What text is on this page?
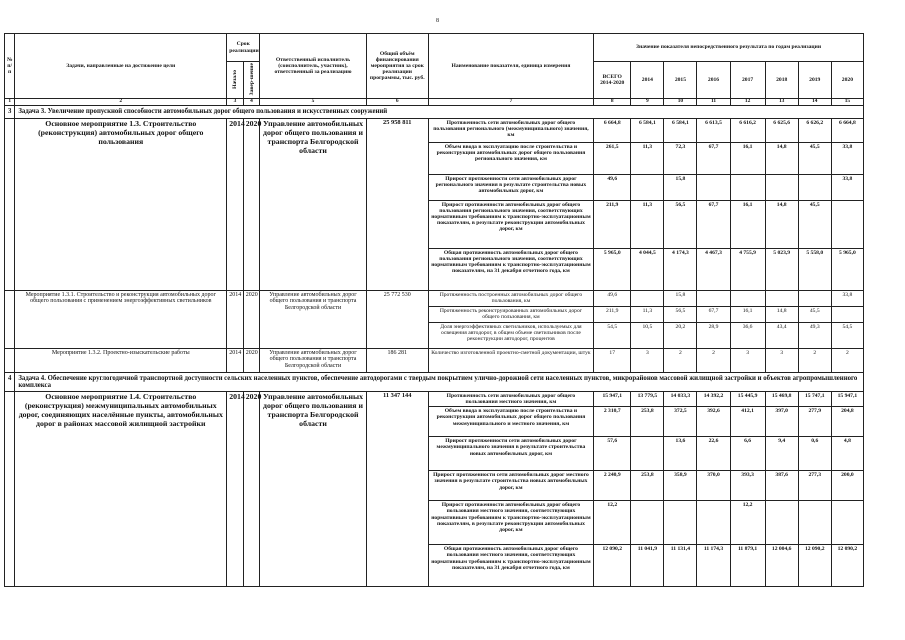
8
№ п/п	Задачи, направленные на достижение цели	Срок реализации		Ответственный исполнитель (соисполнитель, участник), ответственный за реализацию	Общий объём финансирования мероприятия за срок реализации программы, тыс. руб.	Наименование показателя, единица измерения	Значение показателя непосредственного результата по годам реализации							
		Начало	Завер-шение				ВСЕГО 2014-2020	2014	2015	2016	2017	2018	2019	2020
1	2	3	4	5	6	7	8	9	10	11	12	13	14	15
3	Задача 3. Увеличение пропускной способности автомобильных дорог общего пользования и искусственных сооружений													
	Основное мероприятие 1.3. Строительство (реконструкция) автомобильных дорог общего пользования	2014	2020	Управление автомобильных дорог общего пользования и транспорта Белгородской области	25 958 811	Протяженность сети автомобильных дорог общего пользования регионального (межмуниципального) значения, км	6 664,8	6 584,1	6 584,1	6 613,5	6 616,2	6 625,6	6 626,2	6 664,8
						Объем ввода в эксплуатацию после строительства и реконструкции автомобильных дорог общего пользования регионального значения, км	261,5	11,3	72,3	67,7	16,1	14,8	45,5	33,8
						Прирост протяженности сети автомобильных дорог регионального значения в результате строительства новых автомобильных дорог, км	49,6		15,8					33,8
						Прирост протяженности автомобильных дорог общего пользования регионального значения, соответствующих нормативным требованиям к транспортно-эксплуатационным показателям, в результате реконструкции автомобильных дорог, км	211,9	11,3	56,5	67,7	16,1	14,8	45,5	
						Общая протяженность автомобильных дорог общего пользования регионального значения, соответствующих нормативным требованиям к транспортно-эксплуатационным показателям, на 31 декабря отчетного года, км	5 965,0	4 044,5	4 174,3	4 467,3	4 755,9	5 023,9	5 558,0	5 965,0
	Мероприятие 1.3.1. Строительство и реконструкция автомобильных дорог общего пользования с применением энергоэффективных светильников	2014	2020	Управление автомобильных дорог общего пользования и транспорта Белгородской области	25 772 530	Протяженность построенных автомобильных дорог общего пользования, км	49,6		15,8					33,8
						Протяженность реконструированных автомобильных дорог общего пользования, км	211,9	11,3	56,5	67,7	16,1	14,8	45,5	
						Доля энергоэффективных светильников, используемых для освещения автодорог, в общем объеме светильников после реконструкции автодорог, процентов	54,5	10,5	20,2	28,9	36,6	43,4	49,3	54,5
	Мероприятие 1.3.2. Проектно-изыскательские работы	2014	2020	Управление автомобильных дорог общего пользования и транспорта Белгородской области	186 281	Количество изготовленной проектно-сметной документации, штук	17	3	2	2	3	3	2	2
4	Задача 4. Обеспечение круглогодичной транспортной доступности сельских населенных пунктов, обеспечение автодорогами с твердым покрытием улично-дорожной сети населенных пунктов, микрорайонов массовой жилищной застройки и объектов агропромышленного комплекса													
	Основное мероприятие 1.4. Строительство (реконструкция) межмуниципальных автомобильных дорог, соединяющих населённые пункты, автомобильных дорог в районах массовой жилищной застройки	2014	2020	Управление автомобильных дорог общего пользования и транспорта Белгородской области	11 347 144	Протяженность сети автомобильных дорог общего пользования местного значения, км	15 947,1	13 779,5	14 033,3	14 392,2	15 445,9	15 469,8	15 747,1	15 947,1
						Объем ввода в эксплуатацию после строительства и реконструкции автомобильных дорог общего пользования межмуниципального и местного значения, км	2 310,7	253,8	372,5	392,6	412,1	397,0	277,9	204,8
						Прирост протяженности сети автомобильных дорог межмуниципального значения в результате строительства новых автомобильных дорог, км	57,6		13,6	22,6	6,6	9,4	0,6	4,8
						Прирост протяженности сети автомобильных дорог местного значения в результате строительства новых автомобильных дорог, км	2 240,9	253,8	358,9	370,0	393,3	387,6	277,3	200,0
						Прирост протяженности автомобильных дорог общего пользования местного значения, соответствующих нормативным требованиям к транспортно-эксплуатационным показателям, в результате реконструкции автомобильных дорог, км	12,2				12,2			
						Общая протяженность автомобильных дорог общего пользования местного значения, соответствующих нормативным требованиям к транспортно-эксплуатационным показателям, на 31 декабря отчетного года, км	12 090,2	11 041,9	11 131,4	11 174,3	11 879,1	12 004,6	12 090,2	12 090,2
